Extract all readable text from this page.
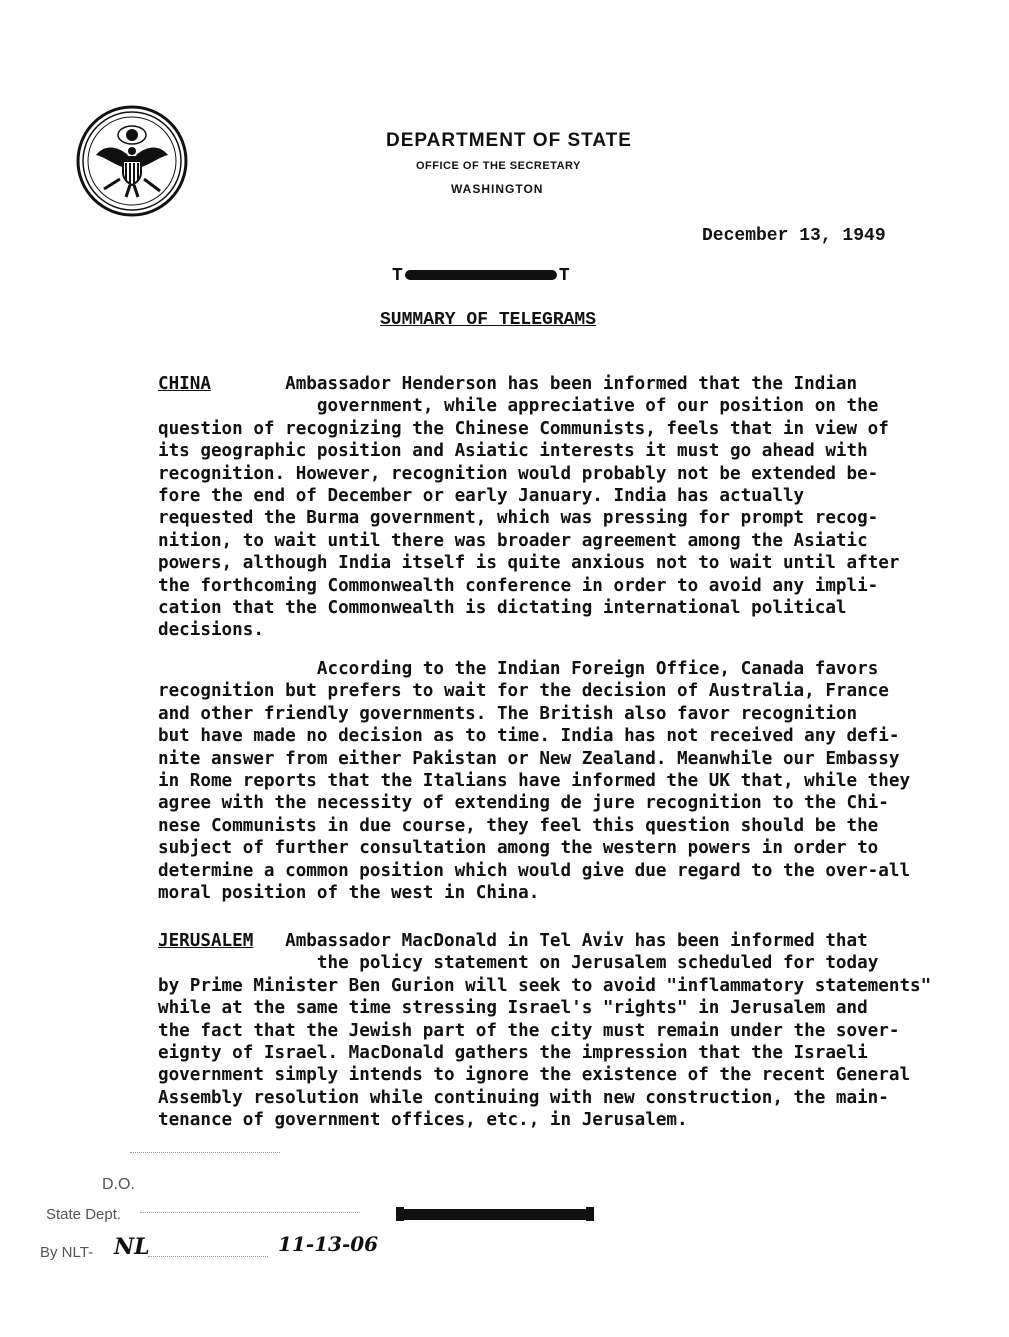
DEPARTMENT OF STATE
OFFICE OF THE SECRETARY
WASHINGTON
December 13, 1949
T	T
SUMMARY OF TELEGRAMS
CHINA	Ambassador Henderson has been informed that the Indian
government, while appreciative of our position on the
question of recognizing the Chinese Communists, feels that in view of
its geographic position and Asiatic interests it must go ahead with
recognition. However, recognition would probably not be extended be-
fore the end of December or early January. India has actually
requested the Burma government, which was pressing for prompt recog-
nition, to wait until there was broader agreement among the Asiatic
powers, although India itself is quite anxious not to wait until after
the forthcoming Commonwealth conference in order to avoid any impli-
cation that the Commonwealth is dictating international political
decisions.
According to the Indian Foreign Office, Canada favors
recognition but prefers to wait for the decision of Australia, France
and other friendly governments. The British also favor recognition
but have made no decision as to time. India has not received any defi-
nite answer from either Pakistan or New Zealand. Meanwhile our Embassy
in Rome reports that the Italians have informed the UK that, while they
agree with the necessity of extending de jure recognition to the Chi-
nese Communists in due course, they feel this question should be the
subject of further consultation among the western powers in order to
determine a common position which would give due regard to the over-all
moral position of the west in China.
JERUSALEM Ambassador MacDonald in Tel Aviv has been informed that
the policy statement on Jerusalem scheduled for today
by Prime Minister Ben Gurion will seek to avoid "inflammatory statements"
while at the same time stressing Israel's "rights" in Jerusalem and
the fact that the Jewish part of the city must remain under the sover-
eignty of Israel. MacDonald gathers the impression that the Israeli
government simply intends to ignore the existence of the recent General
Assembly resolution while continuing with new construction, the main-
tenance of government offices, etc., in Jerusalem.
D.O.
State Dept.
By NLT- NL	11-13-06
